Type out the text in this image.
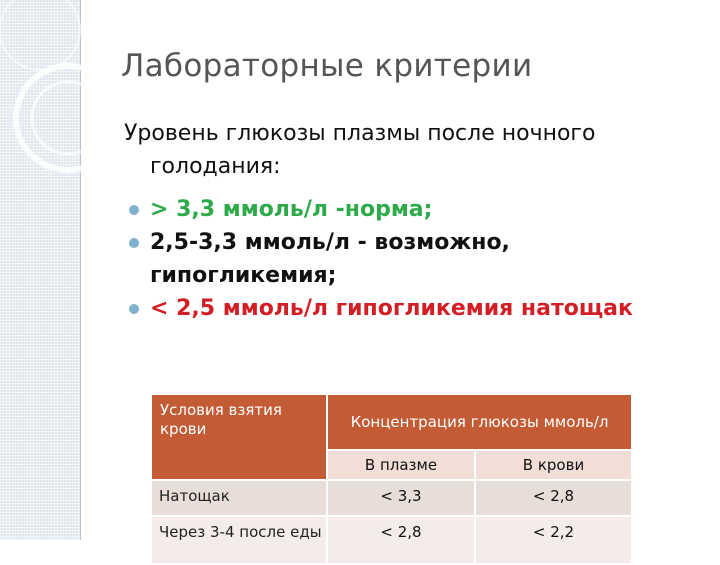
Лабораторные критерии
Уровень глюкозы плазмы после ночного
голодания:
> 3,3 ммоль/л -норма;
2,5-3,3 ммоль/л - возможно,
гипогликемия;
< 2,5 ммоль/л гипогликемия натощак
Условия взятия крови	Концентрация глюкозы ммоль/л	
	В плазме	В крови
Натощак	< 3,3	< 2,8
Через 3-4 после еды	< 2,8	< 2,2
